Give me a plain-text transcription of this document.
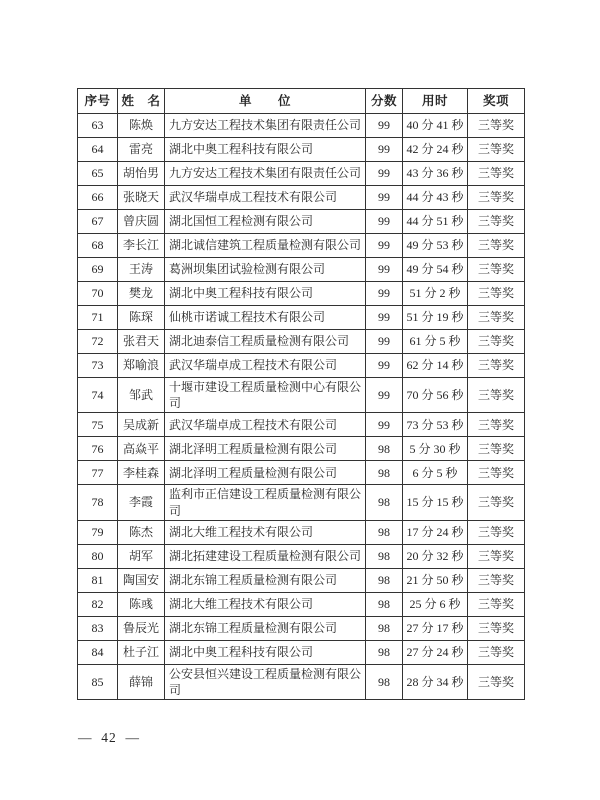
序号	姓　名	单　　位	分数	用时	奖项
63	陈焕	九方安达工程技术集团有限责任公司	99	40 分 41 秒	三等奖
64	雷亮	湖北中奥工程科技有限公司	99	42 分 24 秒	三等奖
65	胡怡男	九方安达工程技术集团有限责任公司	99	43 分 36 秒	三等奖
66	张晓天	武汉华瑞卓成工程技术有限公司	99	44 分 43 秒	三等奖
67	曾庆圆	湖北国恒工程检测有限公司	99	44 分 51 秒	三等奖
68	李长江	湖北诚信建筑工程质量检测有限公司	99	49 分 53 秒	三等奖
69	王涛	葛洲坝集团试验检测有限公司	99	49 分 54 秒	三等奖
70	樊龙	湖北中奥工程科技有限公司	99	51 分 2 秒	三等奖
71	陈琛	仙桃市诺诚工程技术有限公司	99	51 分 19 秒	三等奖
72	张君天	湖北迪泰信工程质量检测有限公司	99	61 分 5 秒	三等奖
73	郑喻浪	武汉华瑞卓成工程技术有限公司	99	62 分 14 秒	三等奖
74	邹武	十堰市建设工程质量检测中心有限公司	99	70 分 56 秒	三等奖
75	吴成新	武汉华瑞卓成工程技术有限公司	99	73 分 53 秒	三等奖
76	高焱平	湖北泽明工程质量检测有限公司	98	5 分 30 秒	三等奖
77	李桂森	湖北泽明工程质量检测有限公司	98	6 分 5 秒	三等奖
78	李霞	监利市正信建设工程质量检测有限公司	98	15 分 15 秒	三等奖
79	陈杰	湖北大维工程技术有限公司	98	17 分 24 秒	三等奖
80	胡军	湖北拓建建设工程质量检测有限公司	98	20 分 32 秒	三等奖
81	陶国安	湖北东锦工程质量检测有限公司	98	21 分 50 秒	三等奖
82	陈彧	湖北大维工程技术有限公司	98	25 分 6 秒	三等奖
83	鲁辰光	湖北东锦工程质量检测有限公司	98	27 分 17 秒	三等奖
84	杜子江	湖北中奥工程科技有限公司	98	27 分 24 秒	三等奖
85	薛锦	公安县恒兴建设工程质量检测有限公司	98	28 分 34 秒	三等奖
—  42  —
